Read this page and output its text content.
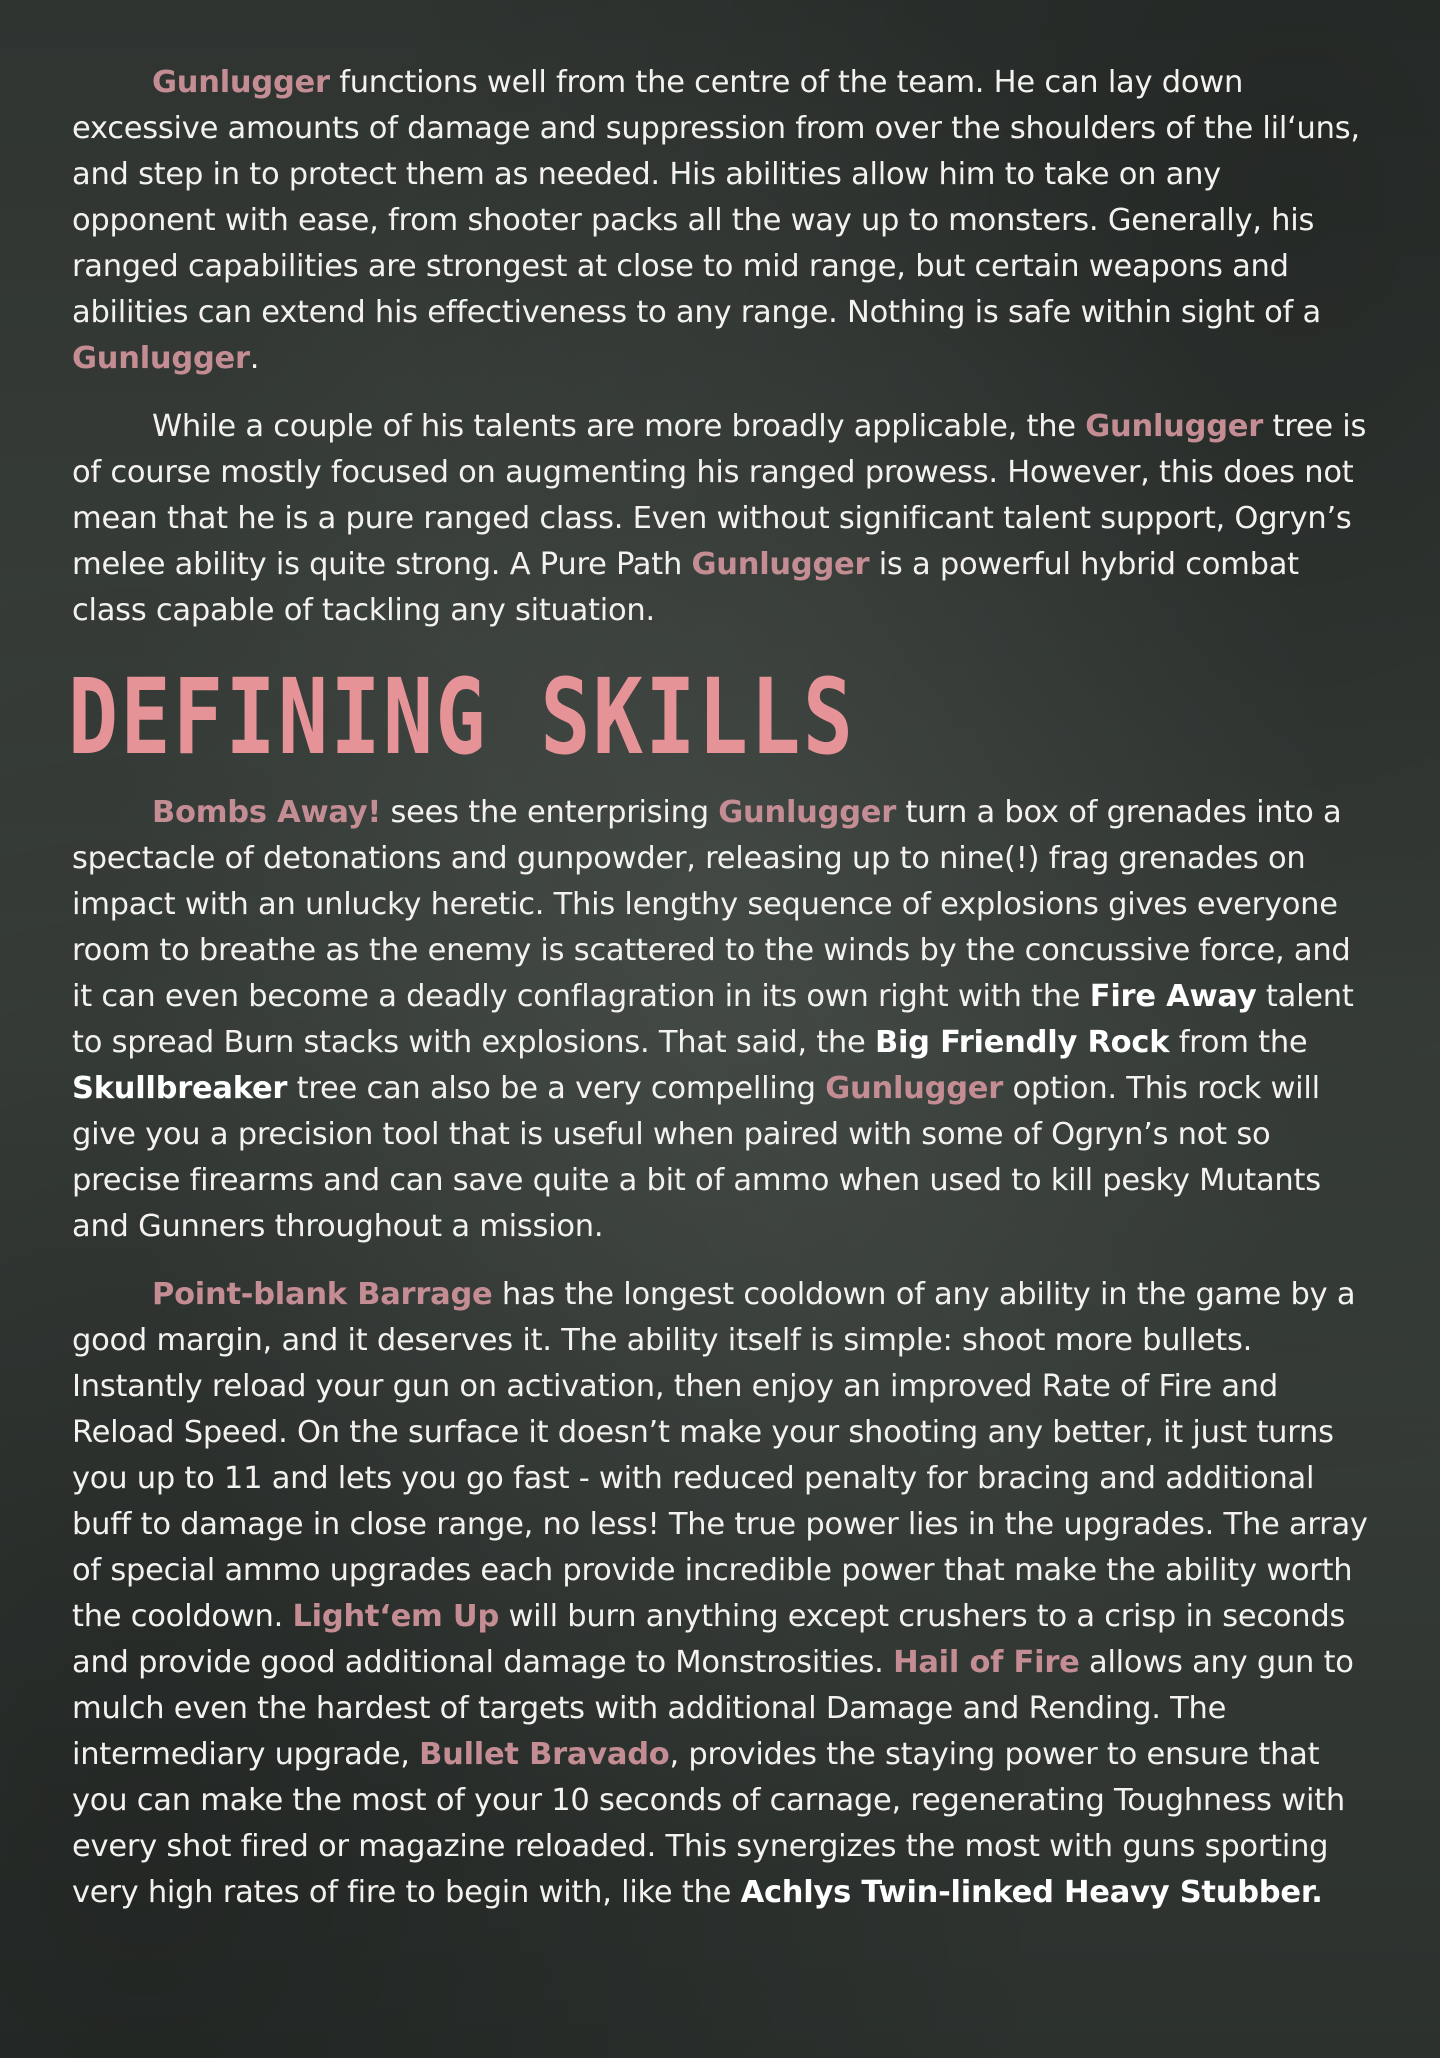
Gunlugger functions well from the centre of the team. He can lay down excessive amounts of damage and suppression from over the shoulders of the lil‘uns, and step in to protect them as needed. His abilities allow him to take on any opponent with ease, from shooter packs all the way up to monsters. Generally, his ranged capabilities are strongest at close to mid range, but certain weapons and abilities can extend his effectiveness to any range. Nothing is safe within sight of a Gunlugger.

While a couple of his talents are more broadly applicable, the Gunlugger tree is of course mostly focused on augmenting his ranged prowess. However, this does not mean that he is a pure ranged class. Even without significant talent support, Ogryn’s melee ability is quite strong. A Pure Path Gunlugger is a powerful hybrid combat class capable of tackling any situation.

DEFINING SKILLS

Bombs Away! sees the enterprising Gunlugger turn a box of grenades into a spectacle of detonations and gunpowder, releasing up to nine(!) frag grenades on impact with an unlucky heretic. This lengthy sequence of explosions gives everyone room to breathe as the enemy is scattered to the winds by the concussive force, and it can even become a deadly conflagration in its own right with the Fire Away talent to spread Burn stacks with explosions. That said, the Big Friendly Rock from the Skullbreaker tree can also be a very compelling Gunlugger option. This rock will give you a precision tool that is useful when paired with some of Ogryn’s not so precise firearms and can save quite a bit of ammo when used to kill pesky Mutants and Gunners throughout a mission.

Point-blank Barrage has the longest cooldown of any ability in the game by a good margin, and it deserves it. The ability itself is simple: shoot more bullets. Instantly reload your gun on activation, then enjoy an improved Rate of Fire and Reload Speed. On the surface it doesn’t make your shooting any better, it just turns you up to 11 and lets you go fast - with reduced penalty for bracing and additional buff to damage in close range, no less! The true power lies in the upgrades. The array of special ammo upgrades each provide incredible power that make the ability worth the cooldown. Light‘em Up will burn anything except crushers to a crisp in seconds and provide good additional damage to Monstrosities. Hail of Fire allows any gun to mulch even the hardest of targets with additional Damage and Rending. The intermediary upgrade, Bullet Bravado, provides the staying power to ensure that you can make the most of your 10 seconds of carnage, regenerating Toughness with every shot fired or magazine reloaded. This synergizes the most with guns sporting very high rates of fire to begin with, like the Achlys Twin-linked Heavy Stubber.
